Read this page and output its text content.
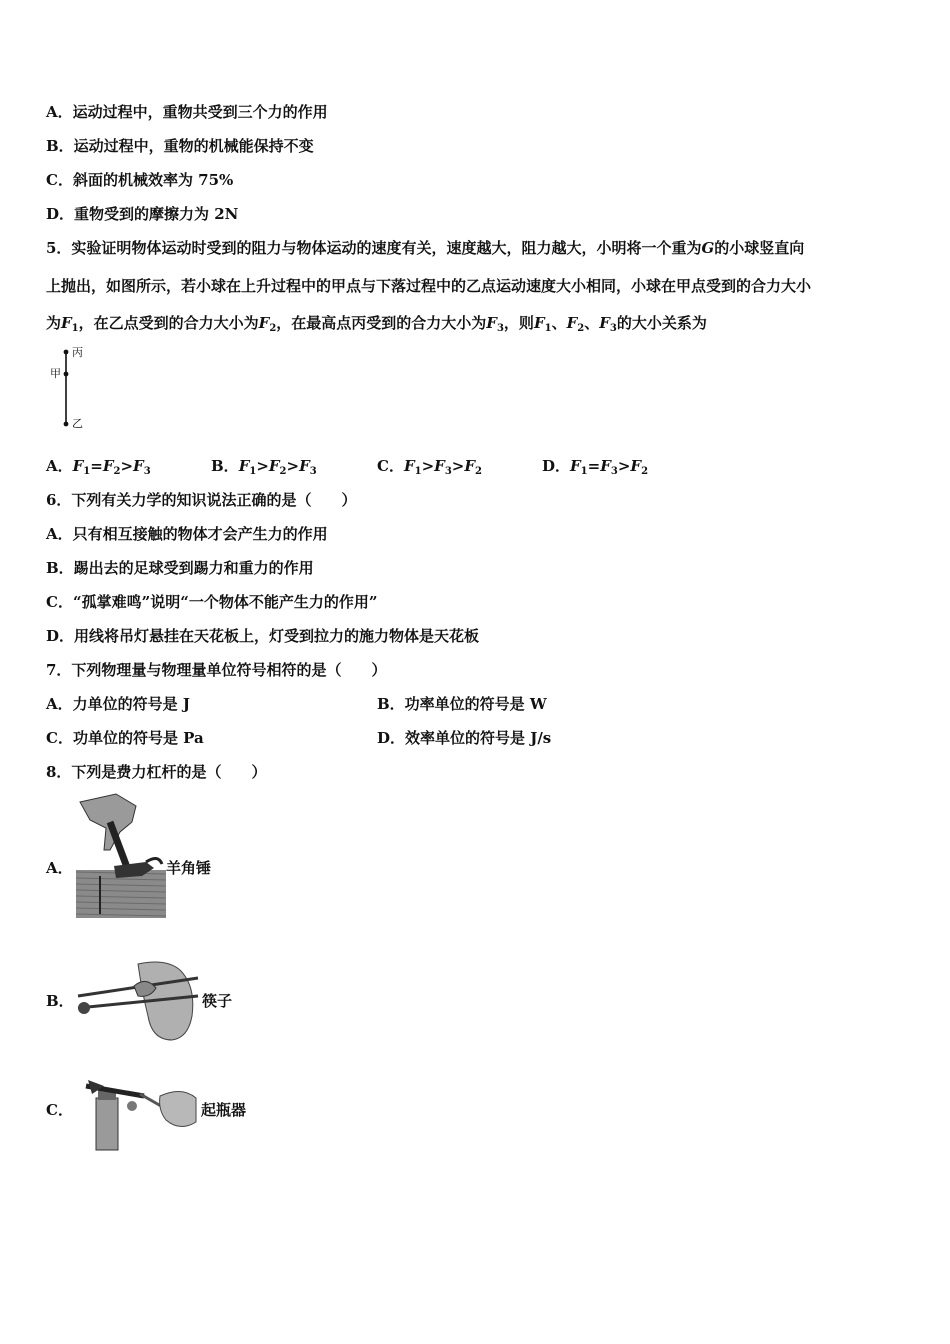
A．运动过程中，重物共受到三个力的作用
B．运动过程中，重物的机械能保持不变
C．斜面的机械效率为 75%
D．重物受到的摩擦力为 2N
5．实验证明物体运动时受到的阻力与物体运动的速度有关，速度越大，阻力越大，小明将一个重为G的小球竖直向
上抛出，如图所示，若小球在上升过程中的甲点与下落过程中的乙点运动速度大小相同，小球在甲点受到的合力大小
为$F_1$，在乙点受到的合力大小为$F_2$，在最高点丙受到的合力大小为$F_3$，则$F_1$、$F_2$、$F_3$的大小关系为
丙
甲
乙
A．$F_1=F_2>F_3$	B．$F_1>F_2>F_3$	C．$F_1>F_3>F_2$	D．$F_1=F_3>F_2$
6．下列有关力学的知识说法正确的是（　　）
A．只有相互接触的物体才会产生力的作用
B．踢出去的足球受到踢力和重力的作用
C．“孤掌难鸣”说明“一个物体不能产生力的作用”
D．用线将吊灯悬挂在天花板上，灯受到拉力的施力物体是天花板
7．下列物理量与物理量单位符号相符的是（　　）
A．力单位的符号是 J	B．功率单位的符号是 W
C．功单位的符号是 Pa	D．效率单位的符号是 J/s
8．下列是费力杠杆的是（　　）
A．	羊角锤
B．	筷子
C．	起瓶器
